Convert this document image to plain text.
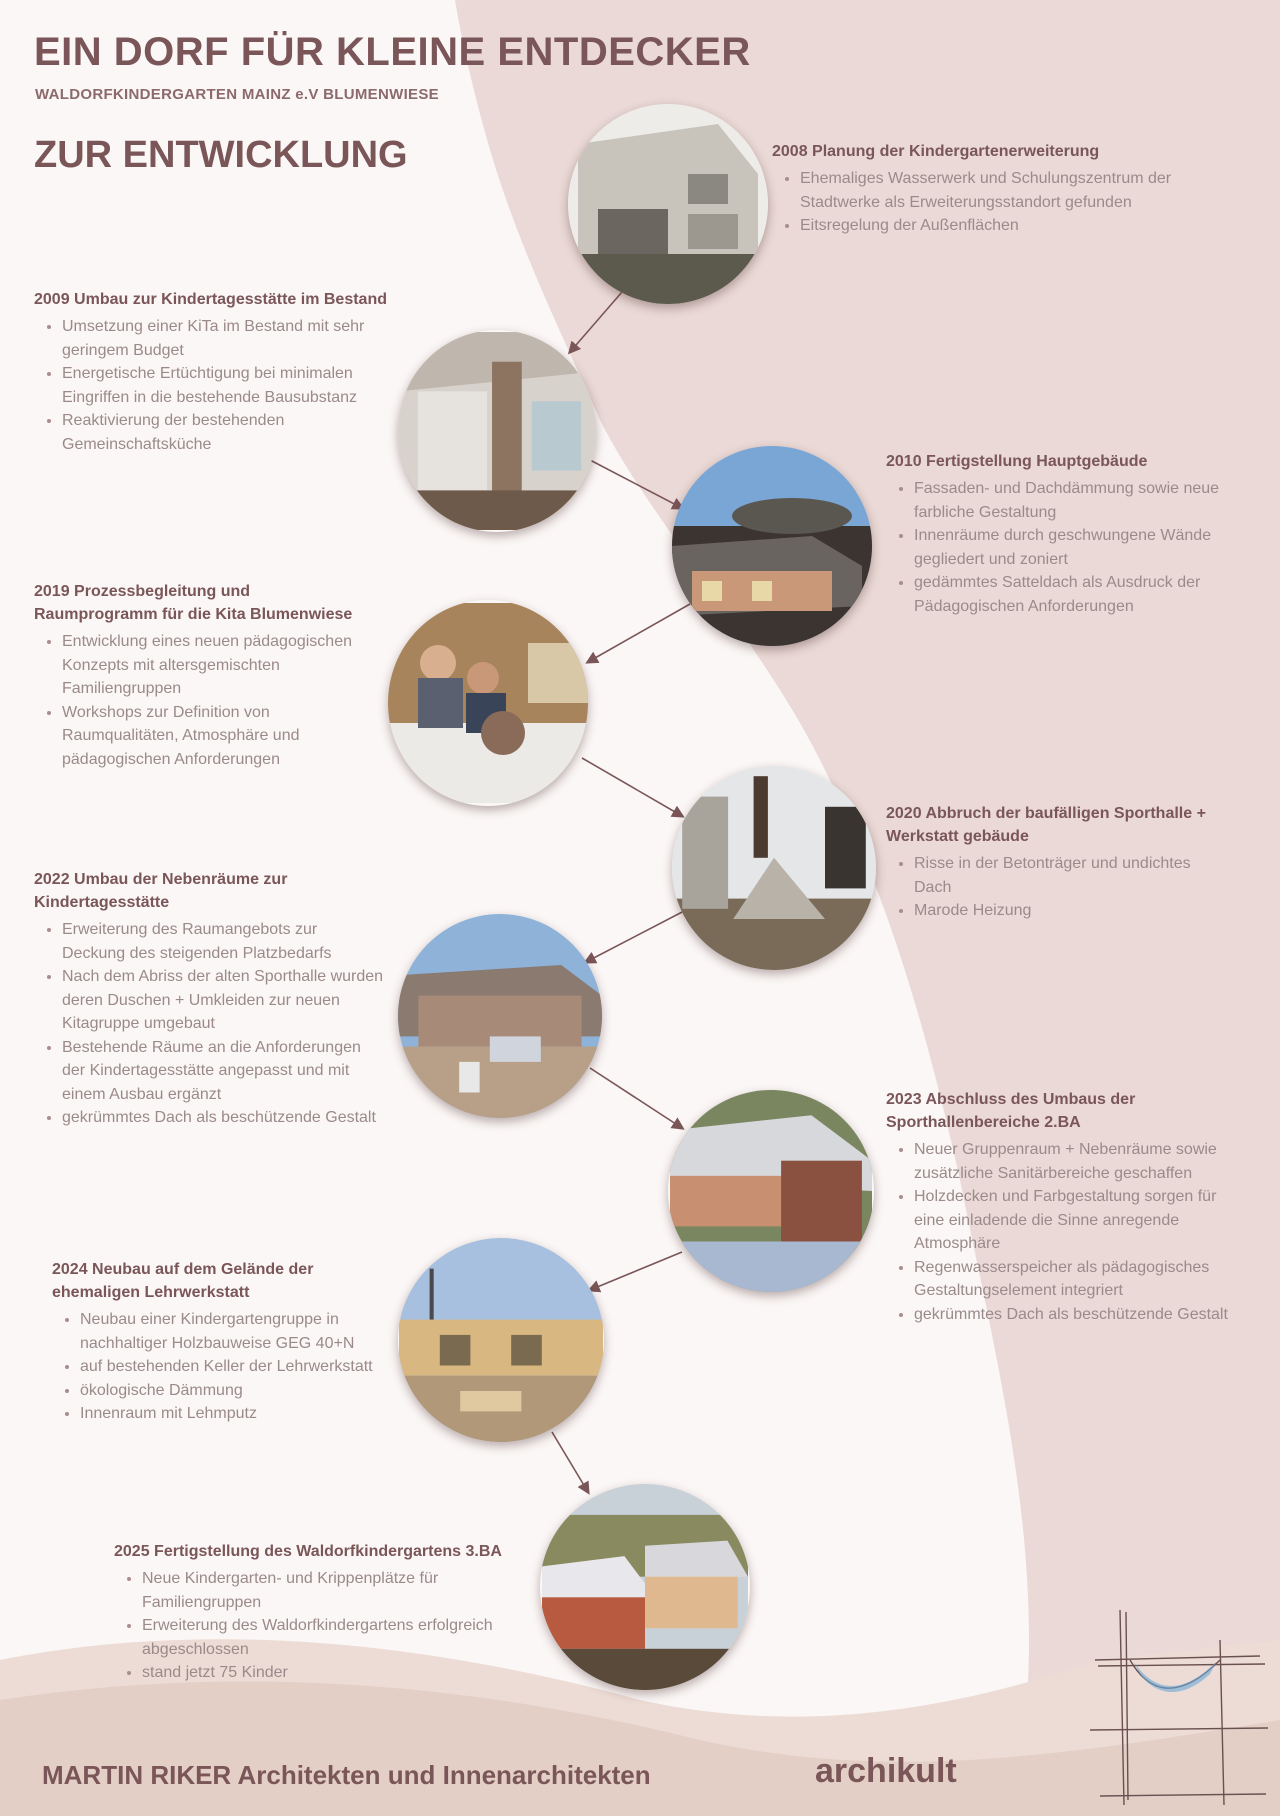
EIN DORF FÜR KLEINE ENTDECKER
WALDORFKINDERGARTEN MAINZ e.V BLUMENWIESE
ZUR ENTWICKLUNG	2008 Planung der Kindergartenerweiterung
• Ehemaliges Wasserwerk und Schulungszentrum der Stadtwerke als Erweiterungsstandort gefunden
• Eitsregelung der Außenflächen
2009 Umbau zur Kindertagesstätte im Bestand
• Umsetzung einer KiTa im Bestand mit sehr geringem Budget
• Energetische Ertüchtigung bei minimalen Eingriffen in die bestehende Bausubstanz
• Reaktivierung der bestehenden Gemeinschaftsküche
2010 Fertigstellung Hauptgebäude
• Fassaden- und Dachdämmung sowie neue farbliche Gestaltung
• Innenräume durch geschwungene Wände gegliedert und zoniert
• gedämmtes Satteldach als Ausdruck der Pädagogischen Anforderungen
2019 Prozessbegleitung und Raumprogramm für die Kita Blumenwiese
• Entwicklung eines neuen pädagogischen Konzepts mit altersgemischten Familiengruppen
• Workshops zur Definition von Raumqualitäten, Atmosphäre und pädagogischen Anforderungen
2020 Abbruch der baufälligen Sporthalle + Werkstatt gebäude
• Risse in der Betonträger und undichtes Dach
• Marode Heizung
2022 Umbau der Nebenräume zur Kindertagesstätte
• Erweiterung des Raumangebots zur Deckung des steigenden Platzbedarfs
• Nach dem Abriss der alten Sporthalle wurden deren Duschen + Umkleiden zur neuen Kitagruppe umgebaut
• Bestehende Räume an die Anforderungen der Kindertagesstätte angepasst und mit einem Ausbau ergänzt
• gekrümmtes Dach als beschützende Gestalt
2023 Abschluss des Umbaus der Sporthallenbereiche 2.BA
• Neuer Gruppenraum + Nebenräume sowie zusätzliche Sanitärbereiche geschaffen
• Holzdecken und Farbgestaltung sorgen für eine einladende die Sinne anregende Atmosphäre
• Regenwasserspeicher als pädagogisches Gestaltungselement integriert
• gekrümmtes Dach als beschützende Gestalt
2024 Neubau auf dem Gelände der ehemaligen Lehrwerkstatt
• Neubau einer Kindergartengruppe in nachhaltiger Holzbauweise GEG 40+N
• auf bestehenden Keller der Lehrwerkstatt
• ökologische Dämmung
• Innenraum mit Lehmputz
2025 Fertigstellung des Waldorfkindergartens 3.BA
• Neue Kindergarten- und Krippenplätze für Familiengruppen
• Erweiterung des Waldorfkindergartens erfolgreich abgeschlossen
• stand jetzt 75 Kinder
MARTIN RIKER Architekten und Innenarchitekten	archikult
